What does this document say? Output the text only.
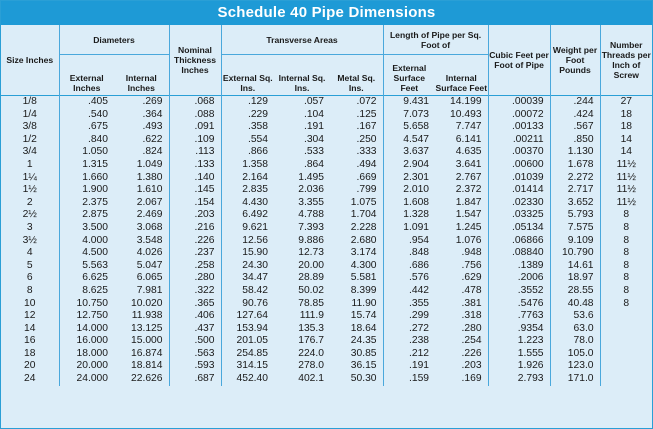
Schedule 40 Pipe Dimensions
Size Inches	Diameters		Nominal Thickness Inches	Transverse Areas			Length of Pipe per Sq. Foot of		Cubic Feet per Foot of Pipe	Weight per Foot Pounds	Number Threads per Inch of Screw
	External Inches	Internal Inches		External Sq. Ins.	Internal Sq. Ins.	Metal Sq. Ins.	External Surface Feet	Internal Surface Feet			
1/8	.405	.269	.068	.129	.057	.072	9.431	14.199	.00039	.244	27
1/4	.540	.364	.088	.229	.104	.125	7.073	10.493	.00072	.424	18
3/8	.675	.493	.091	.358	.191	.167	5.658	7.747	.00133	.567	18
1/2	.840	.622	.109	.554	.304	.250	4.547	6.141	.00211	.850	14
3/4	1.050	.824	.113	.866	.533	.333	3.637	4.635	.00370	1.130	14
1	1.315	1.049	.133	1.358	.864	.494	2.904	3.641	.00600	1.678	11½
1¼	1.660	1.380	.140	2.164	1.495	.669	2.301	2.767	.01039	2.272	11½
1½	1.900	1.610	.145	2.835	2.036	.799	2.010	2.372	.01414	2.717	11½
2	2.375	2.067	.154	4.430	3.355	1.075	1.608	1.847	.02330	3.652	11½
2½	2.875	2.469	.203	6.492	4.788	1.704	1.328	1.547	.03325	5.793	8
3	3.500	3.068	.216	9.621	7.393	2.228	1.091	1.245	.05134	7.575	8
3½	4.000	3.548	.226	12.56	9.886	2.680	.954	1.076	.06866	9.109	8
4	4.500	4.026	.237	15.90	12.73	3.174	.848	.948	.08840	10.790	8
5	5.563	5.047	.258	24.30	20.00	4.300	.686	.756	.1389	14.61	8
6	6.625	6.065	.280	34.47	28.89	5.581	.576	.629	.2006	18.97	8
8	8.625	7.981	.322	58.42	50.02	8.399	.442	.478	.3552	28.55	8
10	10.750	10.020	.365	90.76	78.85	11.90	.355	.381	.5476	40.48	8
12	12.750	11.938	.406	127.64	111.9	15.74	.299	.318	.7763	53.6	
14	14.000	13.125	.437	153.94	135.3	18.64	.272	.280	.9354	63.0	
16	16.000	15.000	.500	201.05	176.7	24.35	.238	.254	1.223	78.0	
18	18.000	16.874	.563	254.85	224.0	30.85	.212	.226	1.555	105.0	
20	20.000	18.814	.593	314.15	278.0	36.15	.191	.203	1.926	123.0	
24	24.000	22.626	.687	452.40	402.1	50.30	.159	.169	2.793	171.0	
